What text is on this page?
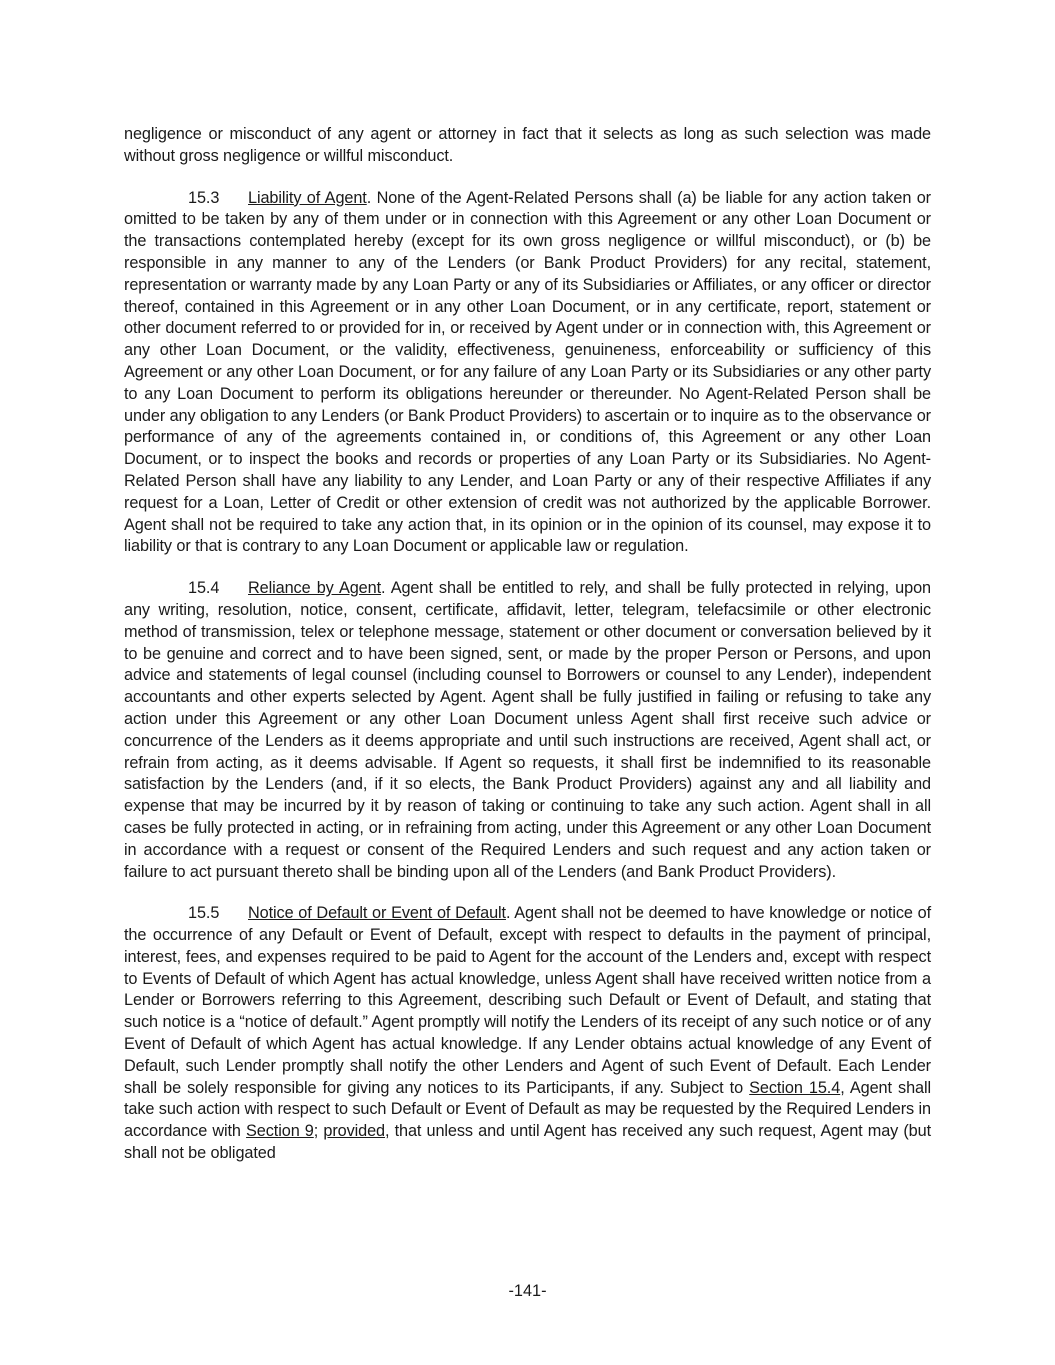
negligence or misconduct of any agent or attorney in fact that it selects as long as such selection was made without gross negligence or willful misconduct.

15.3 Liability of Agent. None of the Agent-Related Persons shall (a) be liable for any action taken or omitted to be taken by any of them under or in connection with this Agreement or any other Loan Document or the transactions contemplated hereby (except for its own gross negligence or willful misconduct), or (b) be responsible in any manner to any of the Lenders (or Bank Product Providers) for any recital, statement, representation or warranty made by any Loan Party or any of its Subsidiaries or Affiliates, or any officer or director thereof, contained in this Agreement or in any other Loan Document, or in any certificate, report, statement or other document referred to or provided for in, or received by Agent under or in connection with, this Agreement or any other Loan Document, or the validity, effectiveness, genuineness, enforceability or sufficiency of this Agreement or any other Loan Document, or for any failure of any Loan Party or its Subsidiaries or any other party to any Loan Document to perform its obligations hereunder or thereunder. No Agent-Related Person shall be under any obligation to any Lenders (or Bank Product Providers) to ascertain or to inquire as to the observance or performance of any of the agreements contained in, or conditions of, this Agreement or any other Loan Document, or to inspect the books and records or properties of any Loan Party or its Subsidiaries. No Agent-Related Person shall have any liability to any Lender, and Loan Party or any of their respective Affiliates if any request for a Loan, Letter of Credit or other extension of credit was not authorized by the applicable Borrower. Agent shall not be required to take any action that, in its opinion or in the opinion of its counsel, may expose it to liability or that is contrary to any Loan Document or applicable law or regulation.

15.4 Reliance by Agent. Agent shall be entitled to rely, and shall be fully protected in relying, upon any writing, resolution, notice, consent, certificate, affidavit, letter, telegram, telefacsimile or other electronic method of transmission, telex or telephone message, statement or other document or conversation believed by it to be genuine and correct and to have been signed, sent, or made by the proper Person or Persons, and upon advice and statements of legal counsel (including counsel to Borrowers or counsel to any Lender), independent accountants and other experts selected by Agent. Agent shall be fully justified in failing or refusing to take any action under this Agreement or any other Loan Document unless Agent shall first receive such advice or concurrence of the Lenders as it deems appropriate and until such instructions are received, Agent shall act, or refrain from acting, as it deems advisable. If Agent so requests, it shall first be indemnified to its reasonable satisfaction by the Lenders (and, if it so elects, the Bank Product Providers) against any and all liability and expense that may be incurred by it by reason of taking or continuing to take any such action. Agent shall in all cases be fully protected in acting, or in refraining from acting, under this Agreement or any other Loan Document in accordance with a request or consent of the Required Lenders and such request and any action taken or failure to act pursuant thereto shall be binding upon all of the Lenders (and Bank Product Providers).

15.5 Notice of Default or Event of Default. Agent shall not be deemed to have knowledge or notice of the occurrence of any Default or Event of Default, except with respect to defaults in the payment of principal, interest, fees, and expenses required to be paid to Agent for the account of the Lenders and, except with respect to Events of Default of which Agent has actual knowledge, unless Agent shall have received written notice from a Lender or Borrowers referring to this Agreement, describing such Default or Event of Default, and stating that such notice is a “notice of default.” Agent promptly will notify the Lenders of its receipt of any such notice or of any Event of Default of which Agent has actual knowledge. If any Lender obtains actual knowledge of any Event of Default, such Lender promptly shall notify the other Lenders and Agent of such Event of Default. Each Lender shall be solely responsible for giving any notices to its Participants, if any. Subject to Section 15.4, Agent shall take such action with respect to such Default or Event of Default as may be requested by the Required Lenders in accordance with Section 9; provided, that unless and until Agent has received any such request, Agent may (but shall not be obligated

-141-
